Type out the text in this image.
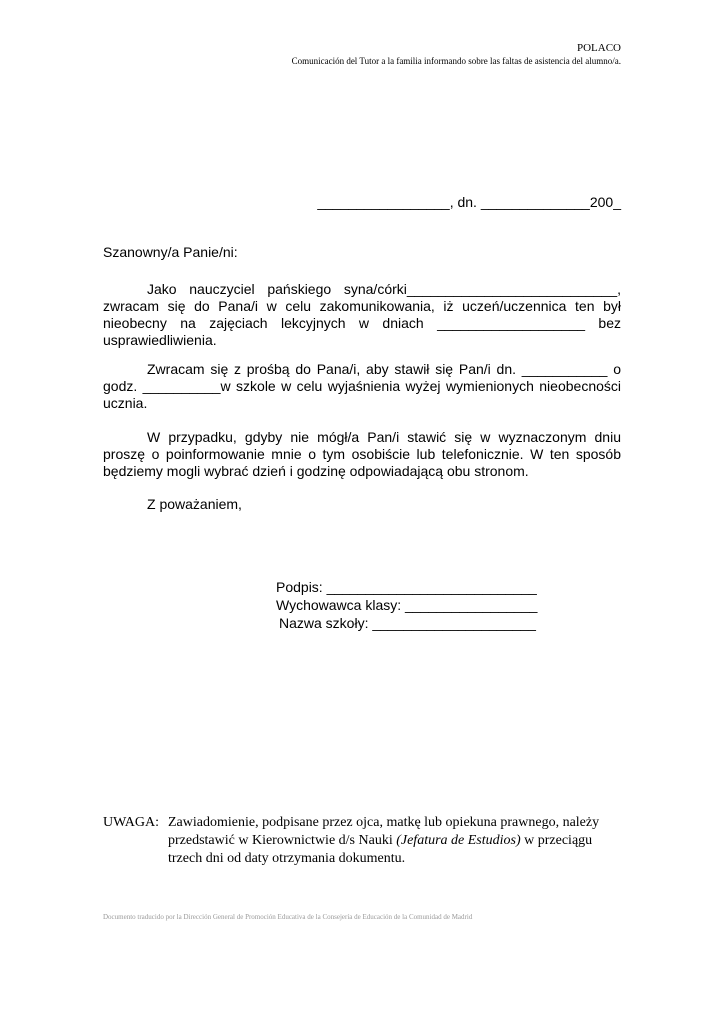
POLACO
Comunicación del Tutor a la familia informando sobre las faltas de asistencia del alumno/a.
_________________, dn. ______________200_
Szanowny/a Panie/ni:
Jako nauczyciel pańskiego syna/córki___________________________, zwracam się do Pana/i w celu zakomunikowania, iż uczeń/uczennica ten był nieobecny na zajęciach lekcyjnych w dniach ___________________ bez usprawiedliwienia.
Zwracam się z prośbą do Pana/i, aby stawił się Pan/i dn. ___________ o godz. __________w szkole w celu wyjaśnienia wyżej wymienionych nieobecności ucznia.
W przypadku, gdyby nie mógł/a Pan/i stawić się w wyznaczonym dniu proszę o poinformowanie mnie o tym osobiście lub telefonicznie. W ten sposób będziemy mogli wybrać dzień i godzinę odpowiadającą obu stronom.
Z poważaniem,
Podpis: ___________________________
Wychowawca klasy: _________________
Nazwa szkoły: _____________________
UWAGA: Zawiadomienie, podpisane przez ojca, matkę lub opiekuna prawnego, należy
przedstawić w Kierownictwie d/s Nauki (Jefatura de Estudios) w przeciągu
trzech dni od daty otrzymania dokumentu.
Documento traducido por la Dirección General de Promoción Educativa de la Consejería de Educación de la Comunidad de Madrid
